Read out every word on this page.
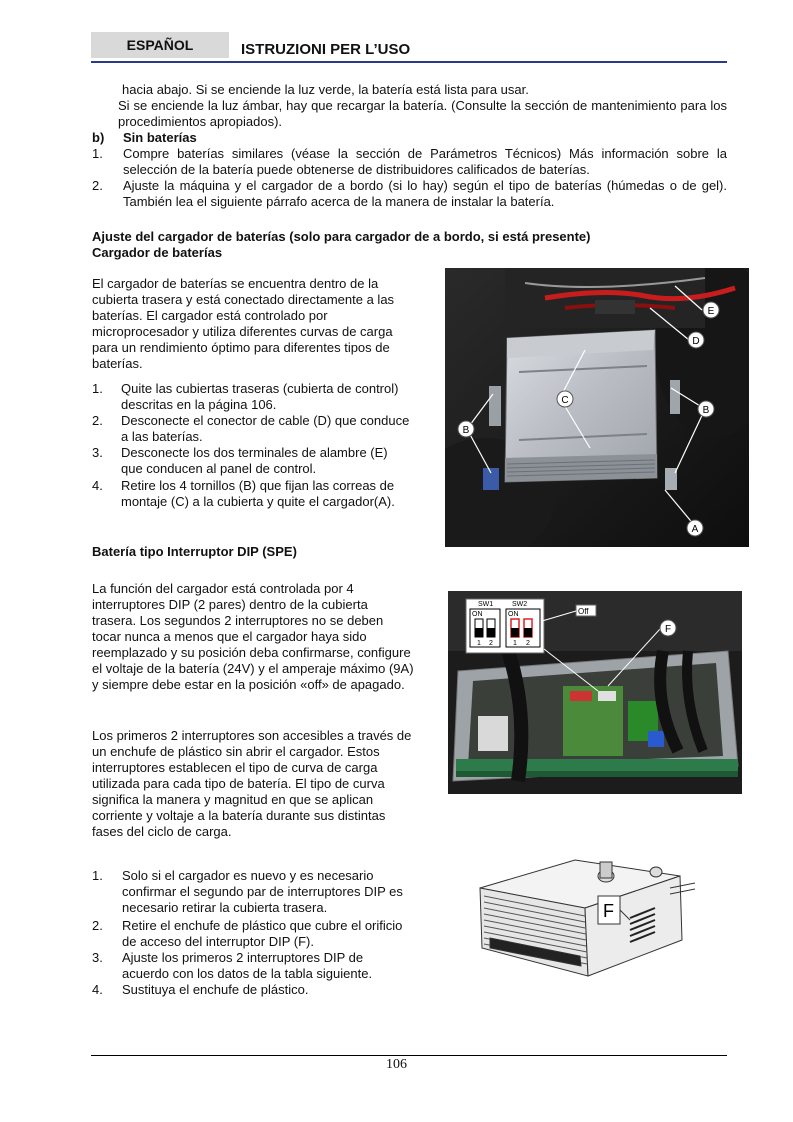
ESPAÑOL	ISTRUZIONI PER L’USO
hacia abajo. Si se enciende la luz verde, la batería está lista para usar.
Si se enciende la luz ámbar, hay que recargar la batería. (Consulte la sección de mantenimiento para los procedimientos apropiados).
b)	Sin baterías
1.	Compre baterías similares (véase la sección de Parámetros Técnicos) Más información sobre la selección de la batería puede obtenerse de distribuidores calificados de baterías.
2.	Ajuste la máquina y el cargador de a bordo (si lo hay) según el tipo de baterías (húmedas o de gel). También lea el siguiente párrafo acerca de la manera de instalar la batería.
Ajuste del cargador de baterías (solo para cargador de a bordo, si está presente)
Cargador de baterías
El cargador de baterías se encuentra dentro de la cubierta trasera y está conectado directamente a las baterías. El cargador está controlado por microprocesador y utiliza diferentes curvas de carga para un rendimiento óptimo para diferentes tipos de baterías.
1.	Quite las cubiertas traseras (cubierta de control) descritas en la página 106.
2.	Desconecte el conector de cable (D) que conduce a las baterías.
3.	Desconecte los dos terminales de alambre (E) que conducen al panel de control.
4.	Retire los 4 tornillos (B) que fijan las correas de montaje (C) a la cubierta y quite el cargador(A).
E
D
C
B
B
A
Batería tipo Interruptor DIP (SPE)
La función del cargador está controlada por 4 interruptores DIP (2 pares) dentro de la cubierta trasera. Los segundos 2 interruptores no se deben tocar nunca a menos que el cargador haya sido reemplazado y su posición deba confirmarse, configure el voltaje de la batería (24V) y el amperaje máximo (9A) y siempre debe estar en la posición «off» de apagado.
Los primeros 2 interruptores son accesibles a través de un enchufe de plástico sin abrir el cargador. Estos interruptores establecen el tipo de curva de carga utilizada para cada tipo de batería. El tipo de curva significa la manera y magnitud en que se aplican corriente y voltaje a la batería durante sus distintas fases del ciclo de carga.
1.	Solo si el cargador es nuevo y es necesario confirmar el segundo par de interruptores DIP es necesario retirar la cubierta trasera.
2.	Retire el enchufe de plástico que cubre el orificio de acceso del interruptor DIP (F).
3.	Ajuste los primeros 2 interruptores DIP de acuerdo con los datos de la tabla siguiente.
4.	Sustituya el enchufe de plástico.
SW1	SW2
ON	ON
1 2	1 2
Off
F
F
106
